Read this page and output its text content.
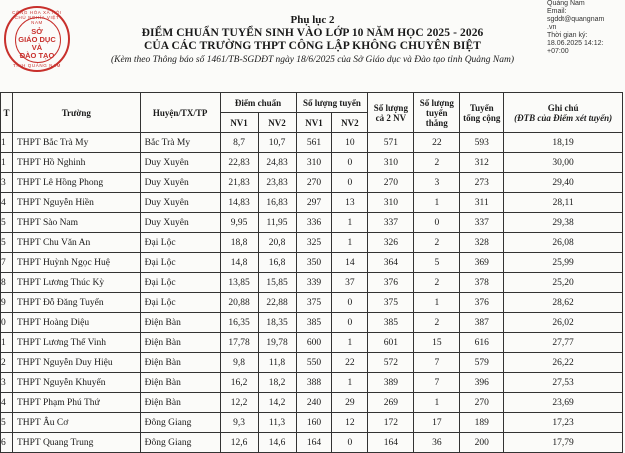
CỘNG HÒA XÃ HỘI CHỦ NGHĨA VIỆT NAM
SỞ
GIÁO DỤC
VÀ
ĐÀO TẠO
TỈNH QUẢNG NAM
Quảng Nam
Email:
sgddt@quangnam
.vn
Thời gian ký:
18.06.2025 14:12:
+07:00
Phụ lục 2
ĐIỂM CHUẨN TUYỂN SINH VÀO LỚP 10 NĂM HỌC 2025 - 2026
CỦA CÁC TRƯỜNG THPT CÔNG LẬP KHÔNG CHUYÊN BIỆT
(Kèm theo Thông báo số 1461/TB-SGDĐT ngày 18/6/2025 của Sở Giáo dục và Đào tạo tỉnh Quảng Nam)
T	Trường	Huyện/TX/TP	Điểm chuẩn		Số lượng tuyển		Số lượng cả 2 NV	Số lượng tuyển thẳng	Tuyển tổng cộng	Ghi chú
(ĐTB của Điểm xét tuyển)

			NV1	NV2	NV1	NV2				
1	THPT Bắc Trà My	Bắc Trà My	8,7	10,7	561	10	571	22	593	18,19
1	THPT Hồ Nghinh	Duy Xuyên	22,83	24,83	310	0	310	2	312	30,00
3	THPT Lê Hồng Phong	Duy Xuyên	21,83	23,83	270	0	270	3	273	29,40
4	THPT Nguyễn Hiền	Duy Xuyên	14,83	16,83	297	13	310	1	311	28,11
5	THPT Sào Nam	Duy Xuyên	9,95	11,95	336	1	337	0	337	29,38
5	THPT Chu Văn An	Đại Lộc	18,8	20,8	325	1	326	2	328	26,08
7	THPT Huỳnh Ngọc Huệ	Đại Lộc	14,8	16,8	350	14	364	5	369	25,99
8	THPT Lương Thúc Kỳ	Đại Lộc	13,85	15,85	339	37	376	2	378	25,20
9	THPT Đỗ Đăng Tuyển	Đại Lộc	20,88	22,88	375	0	375	1	376	28,62
0	THPT Hoàng Diệu	Điện Bàn	16,35	18,35	385	0	385	2	387	26,02
1	THPT Lương Thế Vinh	Điện Bàn	17,78	19,78	600	1	601	15	616	27,77
2	THPT Nguyễn Duy Hiệu	Điện Bàn	9,8	11,8	550	22	572	7	579	26,22
3	THPT Nguyễn Khuyến	Điện Bàn	16,2	18,2	388	1	389	7	396	27,53
4	THPT Phạm Phú Thứ	Điện Bàn	12,2	14,2	240	29	269	1	270	23,69
5	THPT Âu Cơ	Đông Giang	9,3	11,3	160	12	172	17	189	17,23
6	THPT Quang Trung	Đông Giang	12,6	14,6	164	0	164	36	200	17,79
